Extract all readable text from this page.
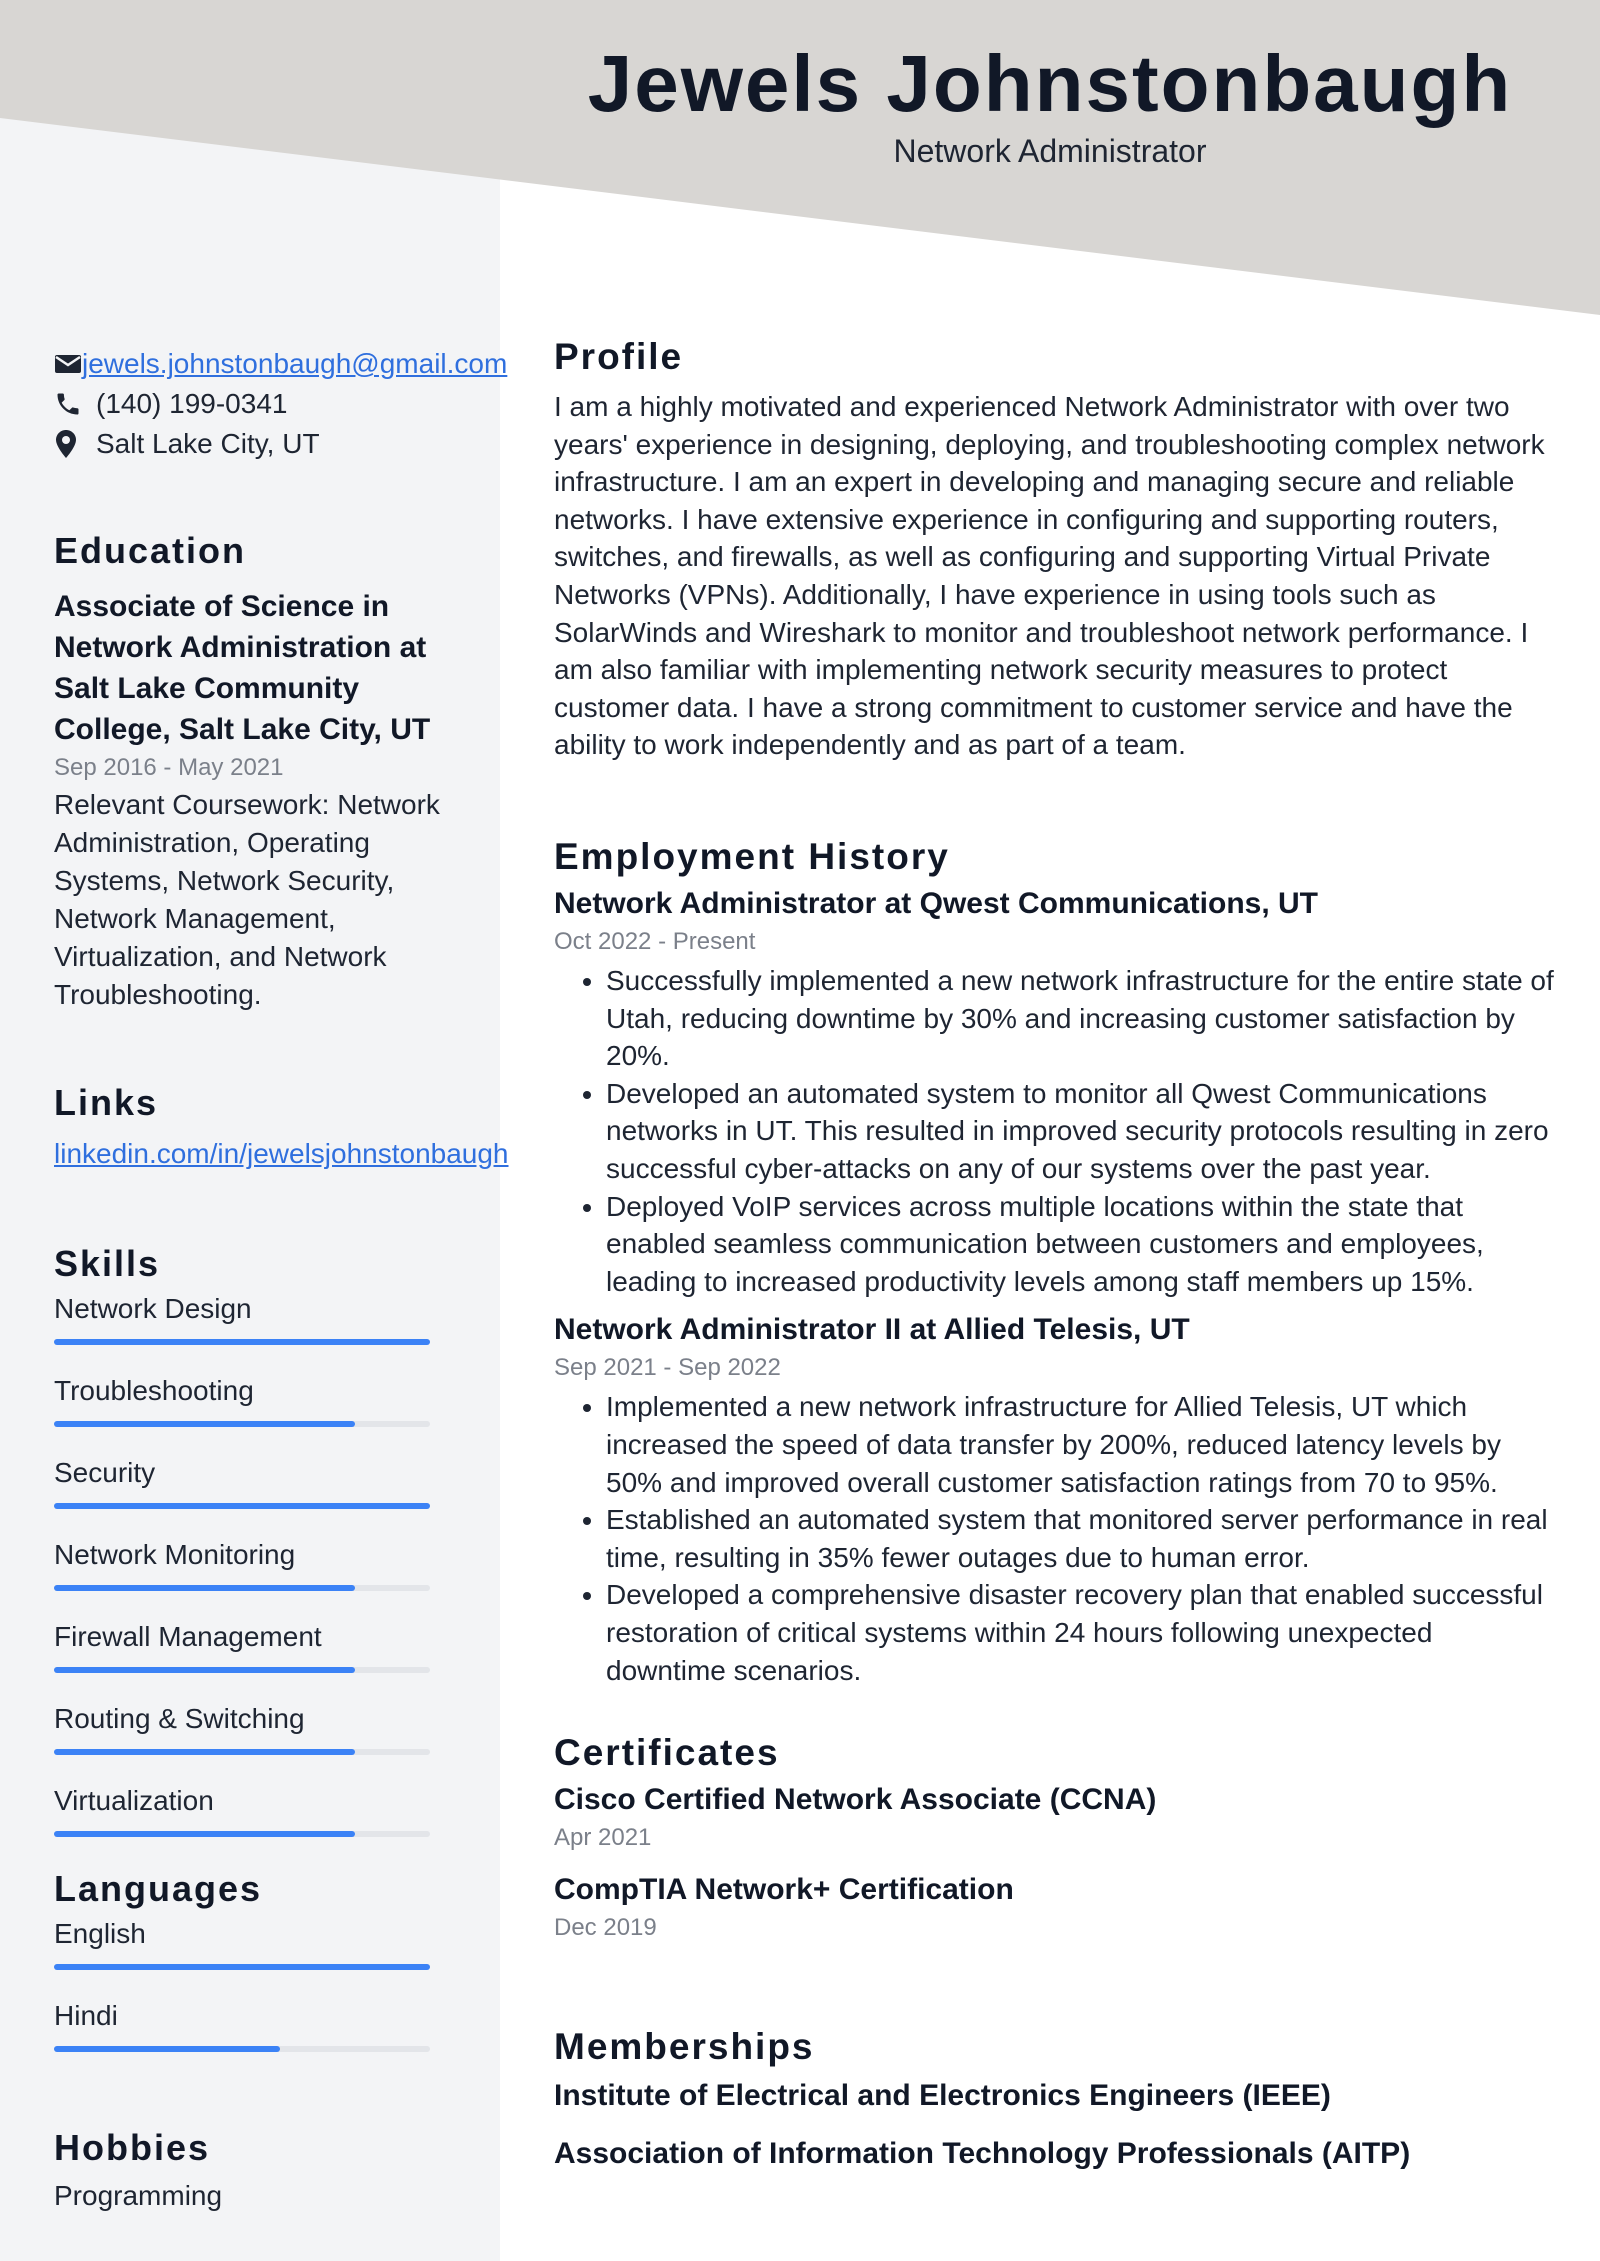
Jewels Johnstonbaugh
Network Administrator
jewels.johnstonbaugh@gmail.com
(140) 199-0341
Salt Lake City, UT
Education
Associate of Science in Network Administration at Salt Lake Community College, Salt Lake City, UT
Sep 2016 - May 2021
Relevant Coursework: Network Administration, Operating Systems, Network Security, Network Management, Virtualization, and Network Troubleshooting.
Links
linkedin.com/in/jewelsjohnstonbaugh
Skills
Network Design
Troubleshooting
Security
Network Monitoring
Firewall Management
Routing & Switching
Virtualization
Languages
English
Hindi
Hobbies
Programming
Profile
I am a highly motivated and experienced Network Administrator with over two years' experience in designing, deploying, and troubleshooting complex network infrastructure. I am an expert in developing and managing secure and reliable networks. I have extensive experience in configuring and supporting routers, switches, and firewalls, as well as configuring and supporting Virtual Private Networks (VPNs). Additionally, I have experience in using tools such as SolarWinds and Wireshark to monitor and troubleshoot network performance. I am also familiar with implementing network security measures to protect customer data. I have a strong commitment to customer service and have the ability to work independently and as part of a team.
Employment History
Network Administrator at Qwest Communications, UT
Oct 2022 - Present
• Successfully implemented a new network infrastructure for the entire state of Utah, reducing downtime by 30% and increasing customer satisfaction by 20%.
• Developed an automated system to monitor all Qwest Communications networks in UT. This resulted in improved security protocols resulting in zero successful cyber-attacks on any of our systems over the past year.
• Deployed VoIP services across multiple locations within the state that enabled seamless communication between customers and employees, leading to increased productivity levels among staff members up 15%.
Network Administrator II at Allied Telesis, UT
Sep 2021 - Sep 2022
• Implemented a new network infrastructure for Allied Telesis, UT which increased the speed of data transfer by 200%, reduced latency levels by 50% and improved overall customer satisfaction ratings from 70 to 95%.
• Established an automated system that monitored server performance in real time, resulting in 35% fewer outages due to human error.
• Developed a comprehensive disaster recovery plan that enabled successful restoration of critical systems within 24 hours following unexpected downtime scenarios.
Certificates
Cisco Certified Network Associate (CCNA)
Apr 2021
CompTIA Network+ Certification
Dec 2019
Memberships
Institute of Electrical and Electronics Engineers (IEEE)
Association of Information Technology Professionals (AITP)
